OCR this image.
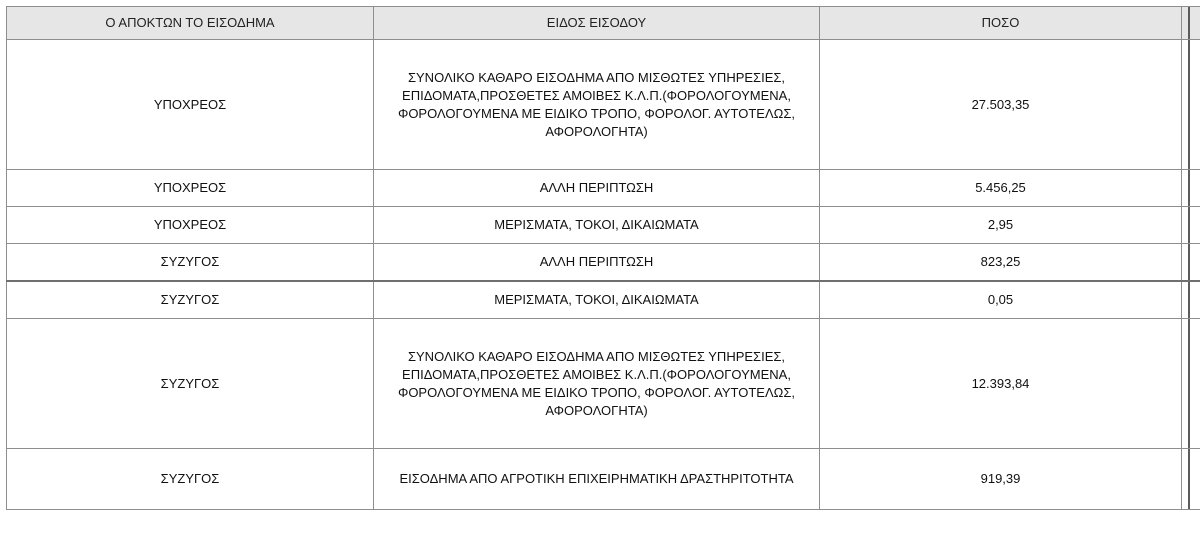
Ο ΑΠΟΚΤΩΝ ΤΟ ΕΙΣΟΔΗΜΑ	ΕΙΔΟΣ ΕΙΣΟΔΟΥ	ΠΟΣΟ	

ΥΠΟΧΡΕΟΣ	ΣΥΝΟΛΙΚΟ ΚΑΘΑΡΟ ΕΙΣΟΔΗΜΑ ΑΠΟ ΜΙΣΘΩΤΕΣ ΥΠΗΡΕΣΙΕΣ, ΕΠΙΔΟΜΑΤΑ,ΠΡΟΣΘΕΤΕΣ ΑΜΟΙΒΕΣ Κ.Λ.Π.(ΦΟΡΟΛΟΓΟΥΜΕΝΑ, ΦΟΡΟΛΟΓΟΥΜΕΝΑ ΜΕ ΕΙΔΙΚΟ ΤΡΟΠΟ, ΦΟΡΟΛΟΓ. ΑΥΤΟΤΕΛΩΣ, ΑΦΟΡΟΛΟΓΗΤΑ)	27.503,35	

ΥΠΟΧΡΕΟΣ	ΑΛΛΗ ΠΕΡΙΠΤΩΣΗ	5.456,25	

ΥΠΟΧΡΕΟΣ	ΜΕΡΙΣΜΑΤΑ, ΤΟΚΟΙ, ΔΙΚΑΙΩΜΑΤΑ	2,95	

ΣΥΖΥΓΟΣ	ΑΛΛΗ ΠΕΡΙΠΤΩΣΗ	823,25	

ΣΥΖΥΓΟΣ	ΜΕΡΙΣΜΑΤΑ, ΤΟΚΟΙ, ΔΙΚΑΙΩΜΑΤΑ	0,05	

ΣΥΖΥΓΟΣ	ΣΥΝΟΛΙΚΟ ΚΑΘΑΡΟ ΕΙΣΟΔΗΜΑ ΑΠΟ ΜΙΣΘΩΤΕΣ ΥΠΗΡΕΣΙΕΣ, ΕΠΙΔΟΜΑΤΑ,ΠΡΟΣΘΕΤΕΣ ΑΜΟΙΒΕΣ Κ.Λ.Π.(ΦΟΡΟΛΟΓΟΥΜΕΝΑ, ΦΟΡΟΛΟΓΟΥΜΕΝΑ ΜΕ ΕΙΔΙΚΟ ΤΡΟΠΟ, ΦΟΡΟΛΟΓ. ΑΥΤΟΤΕΛΩΣ, ΑΦΟΡΟΛΟΓΗΤΑ)	12.393,84	

ΣΥΖΥΓΟΣ	ΕΙΣΟΔΗΜΑ ΑΠΟ ΑΓΡΟΤΙΚΗ ΕΠΙΧΕΙΡΗΜΑΤΙΚΗ ΔΡΑΣΤΗΡΙΤΟΤΗΤΑ	919,39	
